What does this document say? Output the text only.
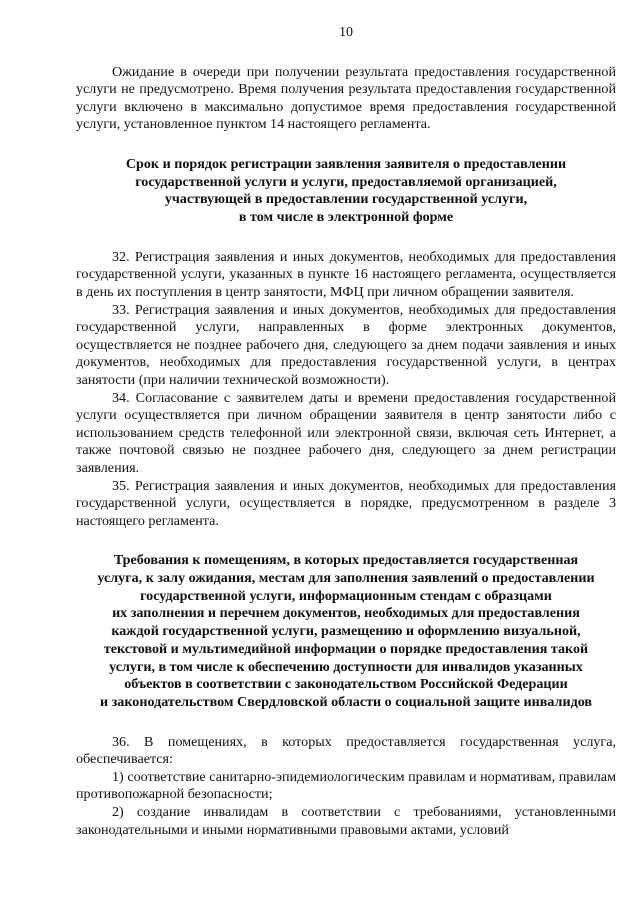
10

Ожидание в очереди при получении результата предоставления государственной услуги не предусмотрено. Время получения результата предоставления государственной услуги включено в максимально допустимое время предоставления государственной услуги, установленное пунктом 14 настоящего регламента.

Срок и порядок регистрации заявления заявителя о предоставлении
государственной услуги и услуги, предоставляемой организацией,
участвующей в предоставлении государственной услуги,
в том числе в электронной форме

32. Регистрация заявления и иных документов, необходимых для предоставления государственной услуги, указанных в пункте 16 настоящего регламента, осуществляется в день их поступления в центр занятости, МФЦ при личном обращении заявителя.

33. Регистрация заявления и иных документов, необходимых для предоставления государственной услуги, направленных в форме электронных документов, осуществляется не позднее рабочего дня, следующего за днем подачи заявления и иных документов, необходимых для предоставления государственной услуги, в центрах занятости (при наличии технической возможности).

34. Согласование с заявителем даты и времени предоставления государственной услуги осуществляется при личном обращении заявителя в центр занятости либо с использованием средств телефонной или электронной связи, включая сеть Интернет, а также почтовой связью не позднее рабочего дня, следующего за днем регистрации заявления.

35. Регистрация заявления и иных документов, необходимых для предоставления государственной услуги, осуществляется в порядке, предусмотренном в разделе 3 настоящего регламента.

Требования к помещениям, в которых предоставляется государственная
услуга, к залу ожидания, местам для заполнения заявлений о предоставлении
государственной услуги, информационным стендам с образцами
их заполнения и перечнем документов, необходимых для предоставления
каждой государственной услуги, размещению и оформлению визуальной,
текстовой и мультимедийной информации о порядке предоставления такой
услуги, в том числе к обеспечению доступности для инвалидов указанных
объектов в соответствии с законодательством Российской Федерации
и законодательством Свердловской области о социальной защите инвалидов

36. В помещениях, в которых предоставляется государственная услуга, обеспечивается:

1) соответствие санитарно-эпидемиологическим правилам и нормативам, правилам противопожарной безопасности;

2) создание инвалидам в соответствии с требованиями, установленными законодательными и иными нормативными правовыми актами, условий
